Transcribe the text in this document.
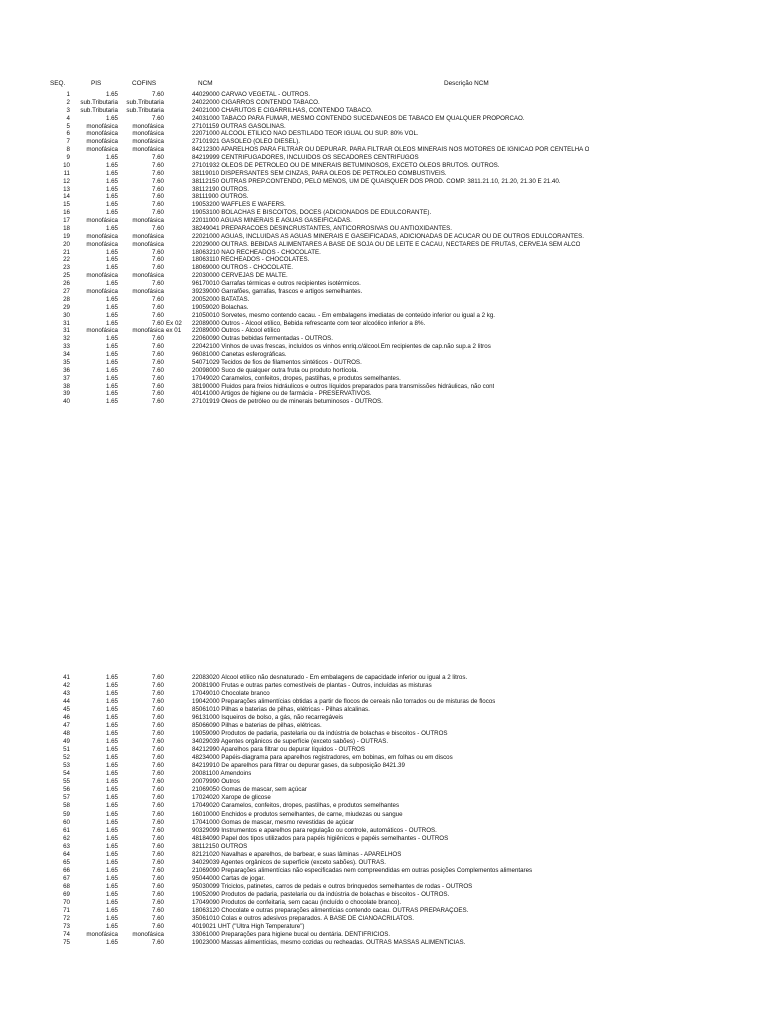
SEQ.	PIS	COFINS	NCM	Descrição NCM
1	1.65	7.60	44029000 CARVAO VEGETAL - OUTROS.
2	sub.Tributaria sub.Tributaria	24022000 CIGARROS CONTENDO TABACO.
3	sub.Tributaria sub.Tributaria	24021000 CHARUTOS E CIGARRILHAS, CONTENDO TABACO.
4	1.65	7.60	24031000 TABACO PARA FUMAR, MESMO CONTENDO SUCEDANEOS DE TABACO EM QUALQUER PROPORCAO.
5	monofásica	monofásica	27101159 OUTRAS GASOLINAS.
6	monofásica	monofásica	22071000 ALCOOL ETILICO NAO DESTILADO TEOR IGUAL OU SUP. 80% VOL.
7	monofásica	monofásica	27101921 GASOLEO (OLEO DIESEL).
8	monofásica	monofásica	84212300 APARELHOS PARA FILTRAR OU DEPURAR. PARA FILTRAR OLEOS MINERAIS NOS MOTORES DE IGNICAO POR CENTELHA O
9	1.65	7.60	84219999 CENTRIFUGADORES, INCLUIDOS OS SECADORES CENTRIFUGOS
10	1.65	7.60	27101932 OLEOS DE PETROLEO OU DE MINERAIS BETUMINOSOS, EXCETO OLEOS BRUTOS. OUTROS.
11	1.65	7.60	38119010 DISPERSANTES SEM CINZAS, PARA OLEOS DE PETROLEO COMBUSTIVEIS.
12	1.65	7.60	38112150 OUTRAS PREP.CONTENDO, PELO MENOS, UM DE QUAISQUER DOS PROD. COMP. 3811.21.10, 21.20, 21.30 E 21.40.
13	1.65	7.60	38112190 OUTROS.
14	1.65	7.60	38111900 OUTROS.
15	1.65	7.60	19053200 WAFFLES E WAFERS.
16	1.65	7.60	19053100 BOLACHAS E BISCOITOS, DOCES (ADICIONADOS DE EDULCORANTE).
17	monofásica	monofásica	22011000 AGUAS MINERAIS E AGUAS GASEIFICADAS.
18	1.65	7.60	38249041 PREPARACOES DESINCRUSTANTES, ANTICORROSIVAS OU ANTIOXIDANTES.
19	monofásica	monofásica	22021000 AGUAS, INCLUIDAS AS AGUAS MINERAIS E GASEIFICADAS, ADICIONADAS DE ACUCAR OU DE OUTROS EDULCORANTES.
20	monofásica	monofásica	22029000 OUTRAS. BEBIDAS ALIMENTARES A BASE DE SOJA OU DE LEITE E CACAU, NECTARES DE FRUTAS, CERVEJA SEM ALCO
21	1.65	7.60	18063210 NAO RECHEADOS - CHOCOLATE.
22	1.65	7.60	18063110 RECHEADOS - CHOCOLATES.
23	1.65	7.60	18069000 OUTROS - CHOCOLATE.
25	monofásica	monofásica	22030000 CERVEJAS DE MALTE.
26	1.65	7.60	96170010 Garrafas térmicas e outros recipientes isotérmicos.
27	monofásica	monofásica	39239000 Garrafões, garrafas, frascos e artigos semelhantes.
28	1.65	7.60	20052000 BATATAS.
29	1.65	7.60	19059020 Bolachas.
30	1.65	7.60	21050010 Sorvetes, mesmo contendo cacau. - Em embalagens imediatas de conteúdo inferior ou igual a 2 kg.
31	1.65	7.60 Ex 02	22089000 Outros - Álcool etílico, Bebida refrescante com teor alcoólico inferior a 8%.
31	monofásica	monofásica ex 01	22089000 Outros - Álcool etílico
32	1.65	7.60	22060090 Outras bebidas fermentadas - OUTROS.
33	1.65	7.60	22042100 Vinhos de uvas frescas, incluídos os vinhos enriq.c/álcool.Em recipientes de cap.não sup.a 2 litros
34	1.65	7.60	96081000 Canetas esferográficas.
35	1.65	7.60	54071029 Tecidos de fios de filamentos sintéticos - OUTROS.
36	1.65	7.60	20098000 Suco de qualquer outra fruta ou produto hortícola.
37	1.65	7.60	17049020 Caramelos, confeitos, dropes, pastilhas, e produtos semelhantes.
38	1.65	7.60	38190000 Fluidos para freios hidráulicos e outros líquidos preparados para transmissões hidráulicas, não cont
39	1.65	7.60	40141000 Artigos de higiene ou de farmácia - PRESERVATIVOS.
40	1.65	7.60	27101919 Óleos de petróleo ou de minerais betuminosos - OUTROS.
41	1.65	7.60	22083020 Álcool etílico não desnaturado - Em embalagens de capacidade inferior ou igual a 2 litros.
42	1.65	7.60	20081900 Frutas e outras partes comestíveis de plantas - Outros, incluídas as misturas
43	1.65	7.60	17049010 Chocolate branco
44	1.65	7.60	19042000 Preparações alimentícias obtidas a partir de flocos de cereais não torrados ou de misturas de flocos
45	1.65	7.60	85061010 Pilhas e baterias de pilhas, elétricas - Pilhas alcalinas.
46	1.65	7.60	96131000 Isqueiros de bolso, a gás, não recarregáveis
47	1.65	7.60	85066090 Pilhas e baterias de pilhas, elétricas.
48	1.65	7.60	19059090 Produtos de padaria, pastelaria ou da indústria de bolachas e biscoitos - OUTROS
49	1.65	7.60	34029039 Agentes orgânicos de superfície (exceto sabões) - OUTRAS.
51	1.65	7.60	84212990 Aparelhos para filtrar ou depurar líquidos - OUTROS
52	1.65	7.60	48234000 Papéis-diagrama para aparelhos registradores, em bobinas, em folhas ou em discos
53	1.65	7.60	84219910 De aparelhos para filtrar ou depurar gases, da subposição 8421.39
54	1.65	7.60	20081100 Amendoins
55	1.65	7.60	20079990 Outros
56	1.65	7.60	21069050 Gomas de mascar, sem açúcar
57	1.65	7.60	17024020 Xarope de glicose
58	1.65	7.60	17049020 Caramelos, confeitos, dropes, pastilhas, e produtos semelhantes
59	1.65	7.60	16010000 Enchidos e produtos semelhantes, de carne, miudezas ou sangue
60	1.65	7.60	17041000 Gomas de mascar, mesmo revestidas de açúcar
61	1.65	7.60	90329099 Instrumentos e aparelhos para regulação ou controle, automáticos - OUTROS.
62	1.65	7.60	48184090 Papel dos tipos utilizados para papéis higiênicos e papéis semelhantes - OUTROS
63	1.65	7.60	38112150 OUTROS
64	1.65	7.60	82121020 Navalhas e aparelhos, de barbear, e suas lâminas - APARELHOS
65	1.65	7.60	34029039 Agentes orgânicos de superfície (exceto sabões). OUTRAS.
66	1.65	7.60	21069090 Preparações alimentícias não especificadas nem compreendidas em outras posições Complementos alimentares
67	1.65	7.60	95044000 Cartas de jogar.
68	1.65	7.60	95030099 Triciclos, patinetes, carros de pedais e outros brinquedos semelhantes de rodas - OUTROS
69	1.65	7.60	19052090 Produtos de padaria, pastelaria ou da indústria de bolachas e biscoitos - OUTROS.
70	1.65	7.60	17049090 Produtos de confeitaria, sem cacau (incluído o chocolate branco).
71	1.65	7.60	18063120 Chocolate e outras preparações alimentícias contendo cacau. OUTRAS PREPARAÇÕES.
72	1.65	7.60	35061010 Colas e outros adesivos preparados. À BASE DE CIANOACRILATOS.
73	1.65	7.60	4019021 UHT ("Ultra High Temperature")
74	monofásica	monofásica	33061000 Preparações para higiene bucal ou dentária. DENTIFRICIOS.
75	1.65	7.60	19023000 Massas alimentícias, mesmo cozidas ou recheadas. OUTRAS MASSAS ALIMENTICIAS.
